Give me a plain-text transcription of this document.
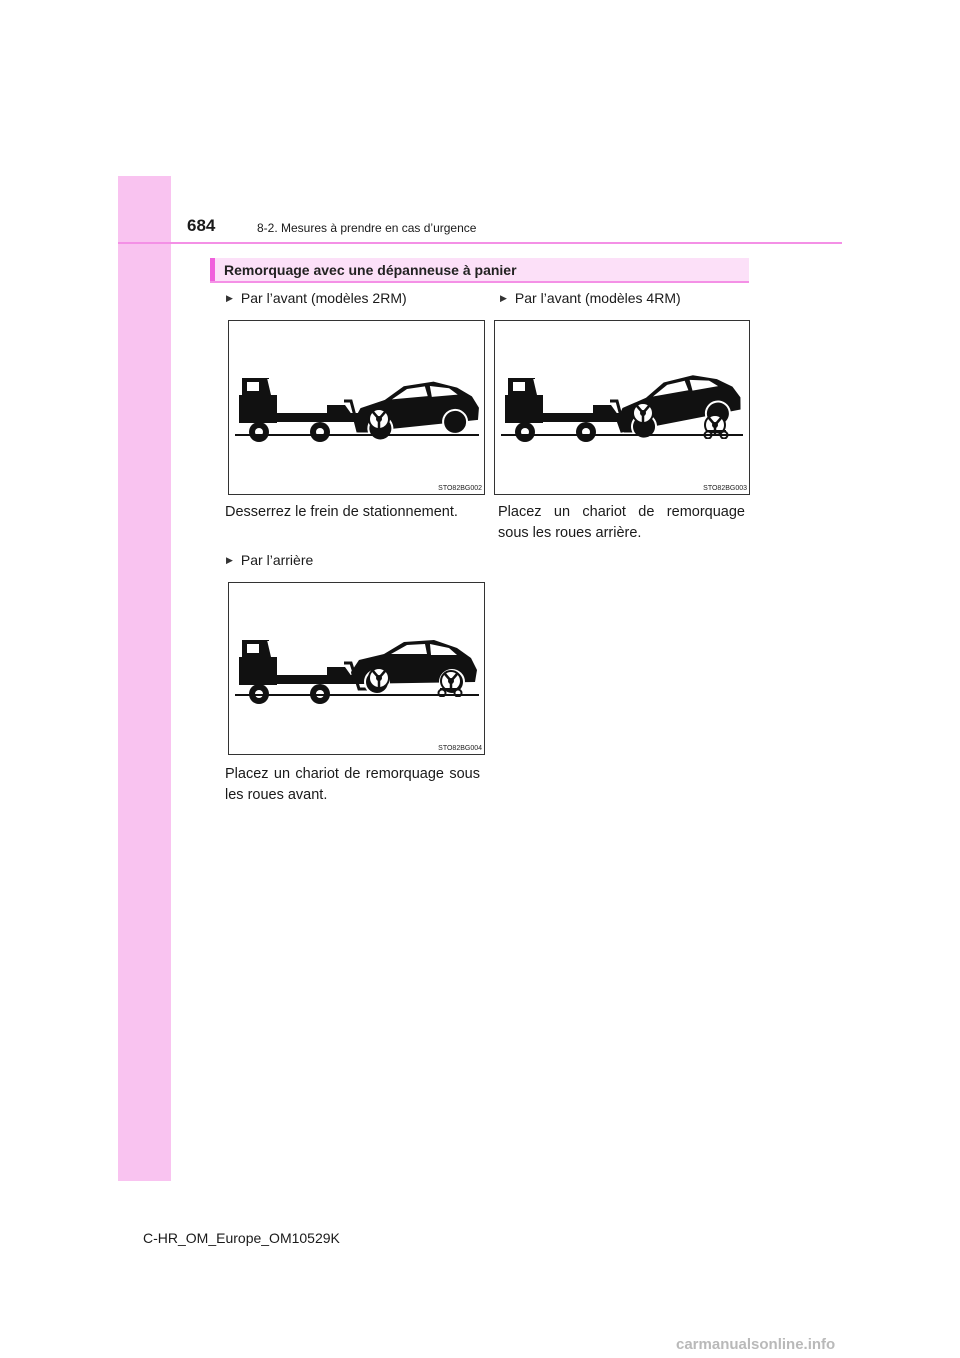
684	8-2. Mesures à prendre en cas d’urgence
Remorquage avec une dépanneuse à panier
▶ Par l’avant (modèles 2RM)
STO82BG002
Desserrez le frein de stationnement.
▶ Par l’avant (modèles 4RM)
STO82BG003
Placez un chariot de remorquage sous les roues arrière.
▶ Par l’arrière
STO82BG004
Placez un chariot de remorquage sous les roues avant.
C-HR_OM_Europe_OM10529K
carmanualsonline.info
